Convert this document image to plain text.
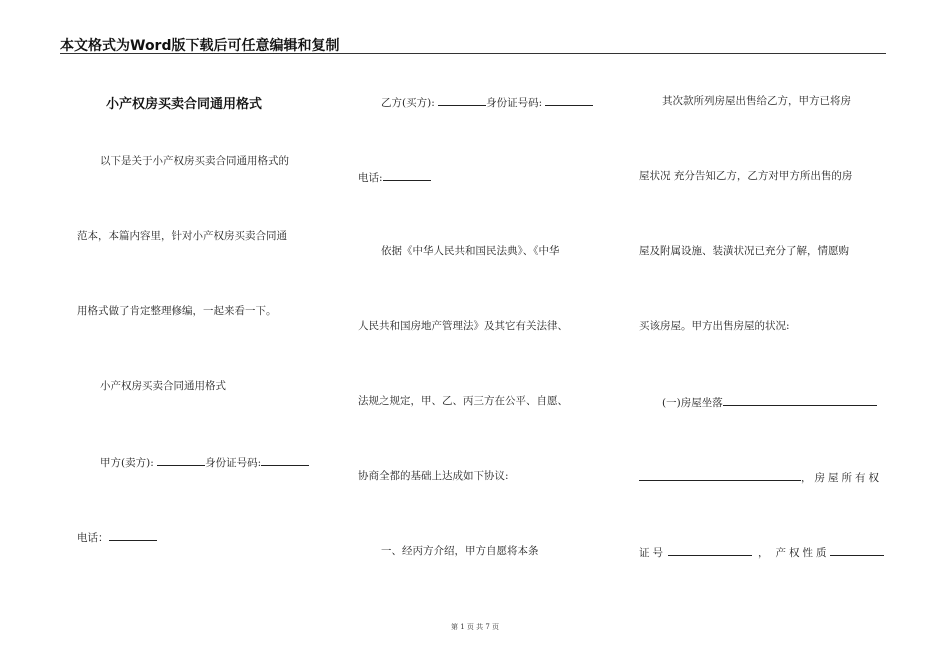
本文格式为Word版下载后可任意编辑和复制
小产权房买卖合同通用格式
以下是关于小产权房买卖合同通用格式的
范本，本篇内容里，针对小产权房买卖合同通
用格式做了肯定整理修编，一起来看一下。
小产权房买卖合同通用格式
甲方(卖方):	身份证号码:
电话：
乙方(买方):	身份证号码:
电话:
依据《中华人民共和国民法典》、《中华
人民共和国房地产管理法》及其它有关法律、
法规之规定，甲、乙、丙三方在公平、自愿、
协商全都的基础上达成如下协议:
一、经丙方介绍，甲方自愿将本条
其次款所列房屋出售给乙方，甲方已将房
屋状况 充分告知乙方，乙方对甲方所出售的房
屋及附属设施、装潢状况已充分了解，情愿购
买该房屋。甲方出售房屋的状况:
(一)房屋坐落
，房屋所有权
证号	， 产权性质
第 1 页 共 7 页
